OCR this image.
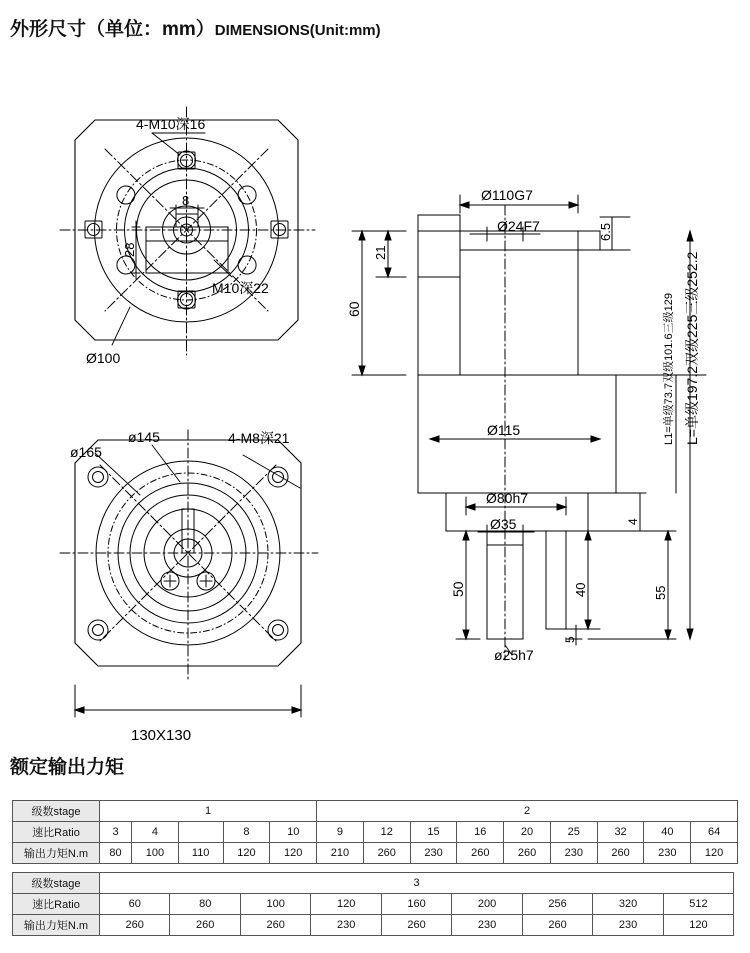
外形尺寸（单位：mm）DIMENSIONS(Unit:mm)
4-M10深16
8
28
M10深22
Ø100
ø165
ø145	4-M8深21
130X130
Ø110G7
Ø24F7	6.5
21
60
Ø115
Ø80h7
Ø35
50	40
5
4
55
ø25h7
L=单级197.2双级225三级252.2
L1=单级73.7双级101.6三级129
额定输出力矩
级数stage	1					2								
速比Ratio	3	4		8	10	9	12	15	16	20	25	32	40	64
输出力矩N.m	80	100	110	120	120	210	260	230	260	260	230	260	230	120
级数stage	3									
速比Ratio	60	80	100	120	160	200	256	320	512	
输出力矩N.m	260	260	260	230	260	230	260	230	120	
